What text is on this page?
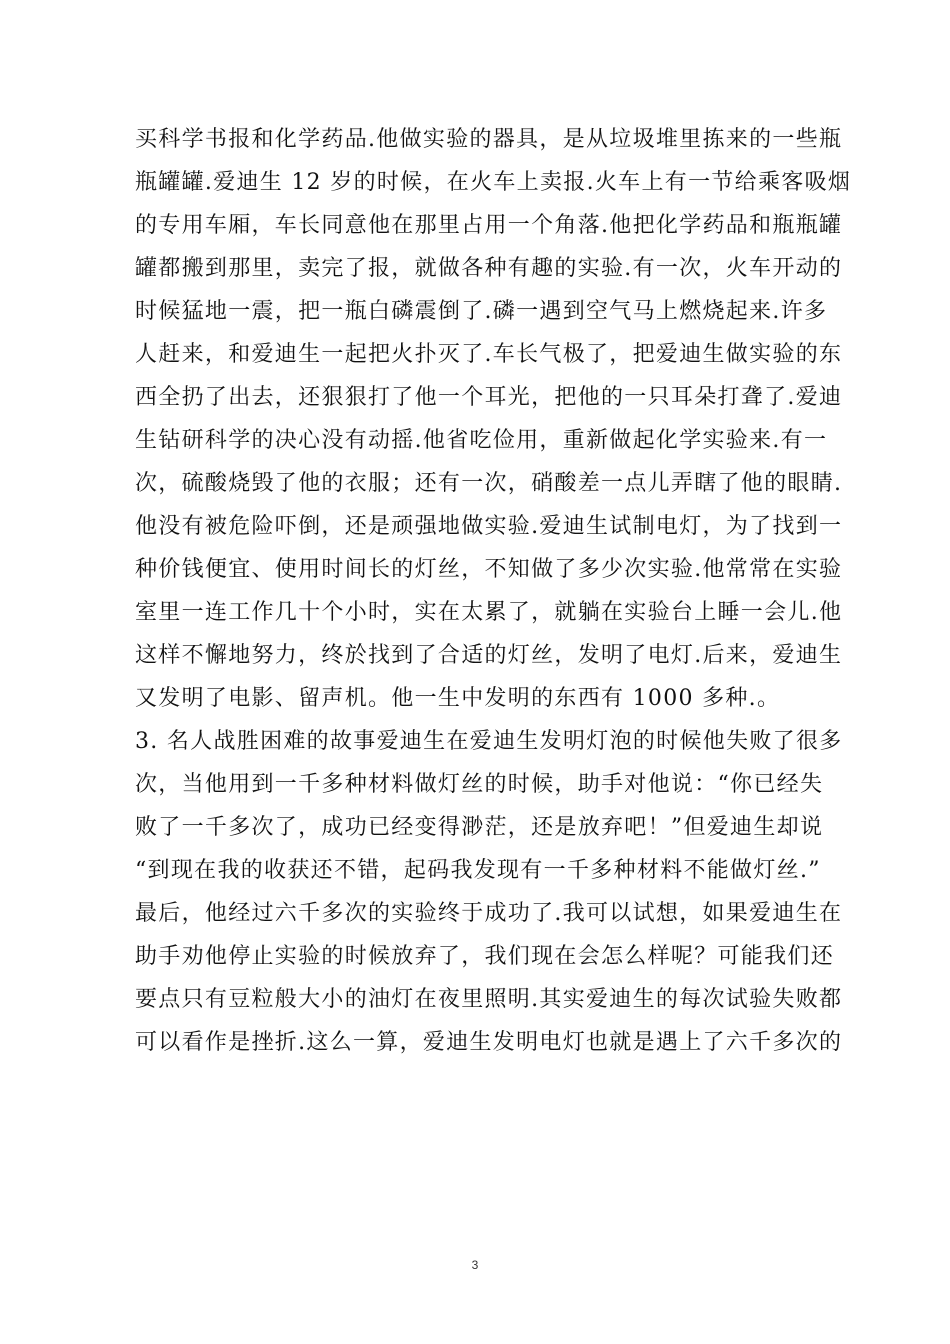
买科学书报和化学药品.他做实验的器具，是从垃圾堆里拣来的一些瓶
瓶罐罐.爱迪生 12 岁的时候，在火车上卖报.火车上有一节给乘客吸烟
的专用车厢，车长同意他在那里占用一个角落.他把化学药品和瓶瓶罐
罐都搬到那里，卖完了报，就做各种有趣的实验.有一次，火车开动的
时候猛地一震，把一瓶白磷震倒了.磷一遇到空气马上燃烧起来.许多
人赶来，和爱迪生一起把火扑灭了.车长气极了，把爱迪生做实验的东
西全扔了出去，还狠狠打了他一个耳光，把他的一只耳朵打聋了.爱迪
生钻研科学的决心没有动摇.他省吃俭用，重新做起化学实验来.有一
次，硫酸烧毁了他的衣服；还有一次，硝酸差一点儿弄瞎了他的眼睛.
他没有被危险吓倒，还是顽强地做实验.爱迪生试制电灯，为了找到一
种价钱便宜、使用时间长的灯丝，不知做了多少次实验.他常常在实验
室里一连工作几十个小时，实在太累了，就躺在实验台上睡一会儿.他
这样不懈地努力，终於找到了合适的灯丝，发明了电灯.后来，爱迪生
又发明了电影、留声机。他一生中发明的东西有 1000 多种.。
3. 名人战胜困难的故事爱迪生在爱迪生发明灯泡的时候他失败了很多
次，当他用到一千多种材料做灯丝的时候，助手对他说：“你已经失
败了一千多次了，成功已经变得渺茫，还是放弃吧！”但爱迪生却说
“到现在我的收获还不错，起码我发现有一千多种材料不能做灯丝.”
最后，他经过六千多次的实验终于成功了.我可以试想，如果爱迪生在
助手劝他停止实验的时候放弃了，我们现在会怎么样呢？可能我们还
要点只有豆粒般大小的油灯在夜里照明.其实爱迪生的每次试验失败都
可以看作是挫折.这么一算，爱迪生发明电灯也就是遇上了六千多次的
3
